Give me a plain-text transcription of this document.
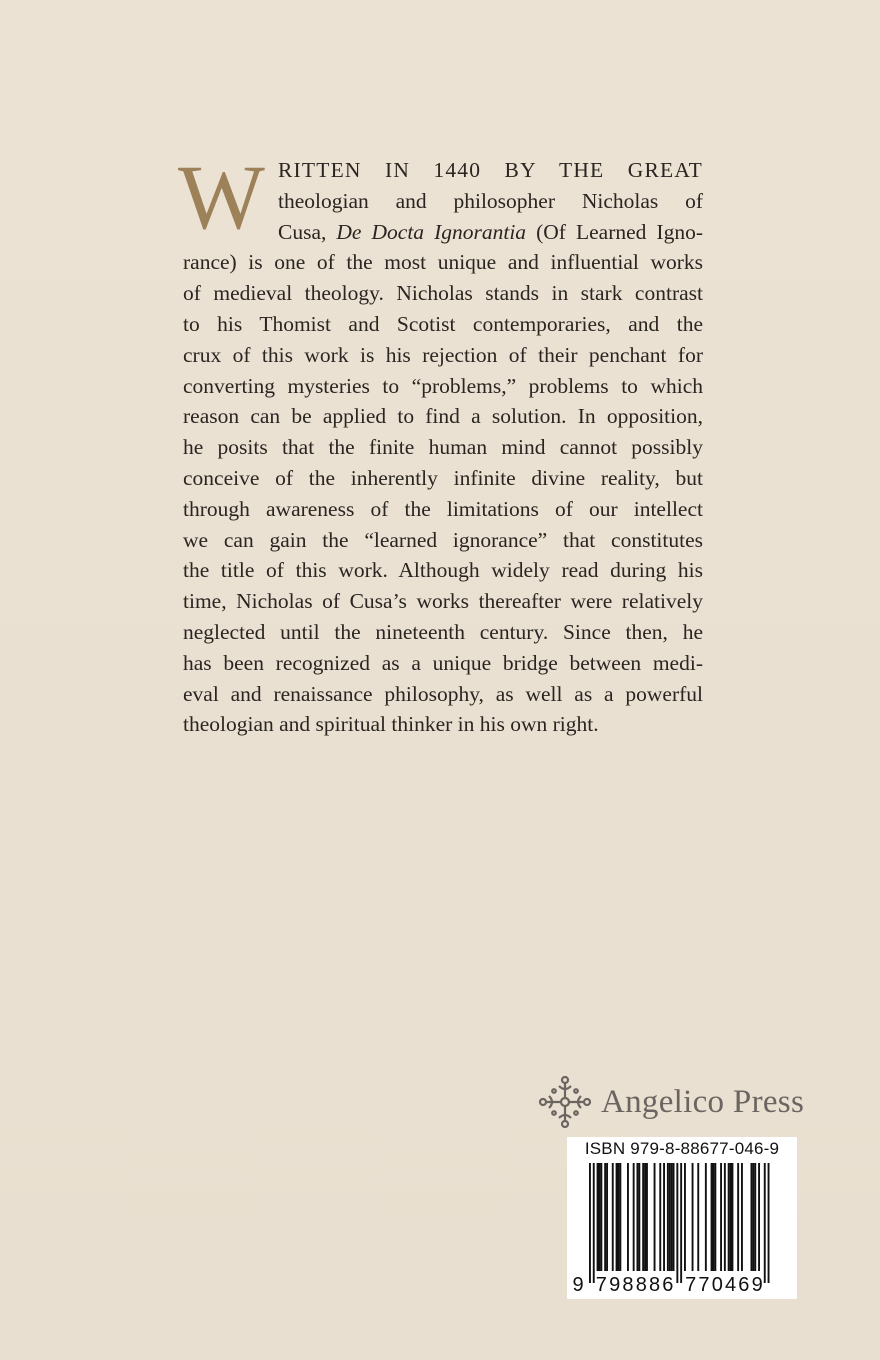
W RITTEN IN 1440 BY THE GREAT
theologian and philosopher Nicholas of
Cusa, De Docta Ignorantia (Of Learned Igno-
rance) is one of the most unique and influential works
of medieval theology. Nicholas stands in stark contrast
to his Thomist and Scotist contemporaries, and the
crux of this work is his rejection of their penchant for
converting mysteries to “problems,” problems to which
reason can be applied to find a solution. In opposition,
he posits that the finite human mind cannot possibly
conceive of the inherently infinite divine reality, but
through awareness of the limitations of our intellect
we can gain the “learned ignorance” that constitutes
the title of this work. Although widely read during his
time, Nicholas of Cusa’s works thereafter were relatively
neglected until the nineteenth century. Since then, he
has been recognized as a unique bridge between medi-
eval and renaissance philosophy, as well as a powerful
theologian and spiritual thinker in his own right.
Angelico Press
ISBN 979-8-88677-046-9
9 7 9 8 8 8 6 7 7 0 4 6 9
